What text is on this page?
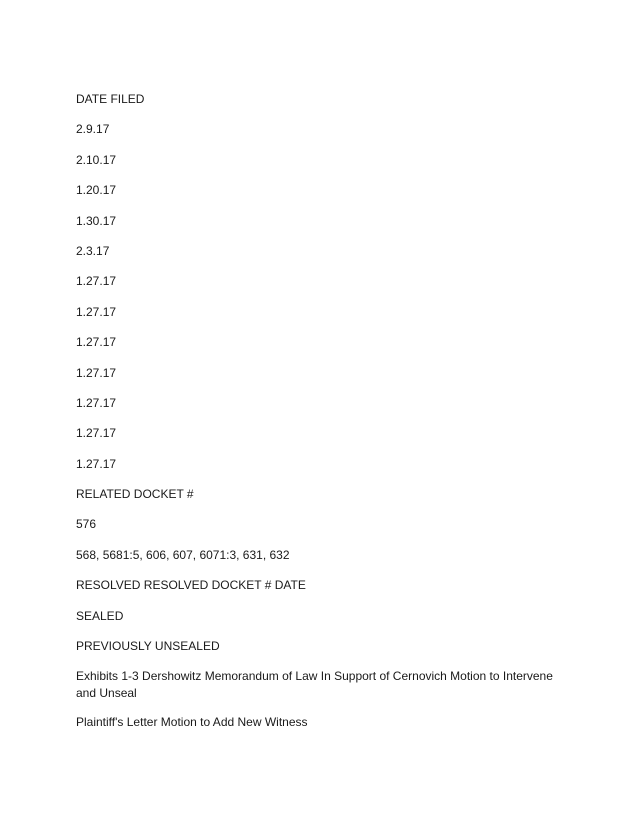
DATE FILED
2.9.17
2.10.17
1.20.17
1.30.17
2.3.17
1.27.17
1.27.17
1.27.17
1.27.17
1.27.17
1.27.17
1.27.17
RELATED DOCKET #
576
568, 5681:5, 606, 607, 6071:3, 631, 632
RESOLVED RESOLVED DOCKET # DATE
SEALED
PREVIOUSLY UNSEALED
Exhibits 1-3 Dershowitz Memorandum of Law In Support of Cernovich Motion to Intervene and Unseal
Plaintiff's Letter Motion to Add New Witness
